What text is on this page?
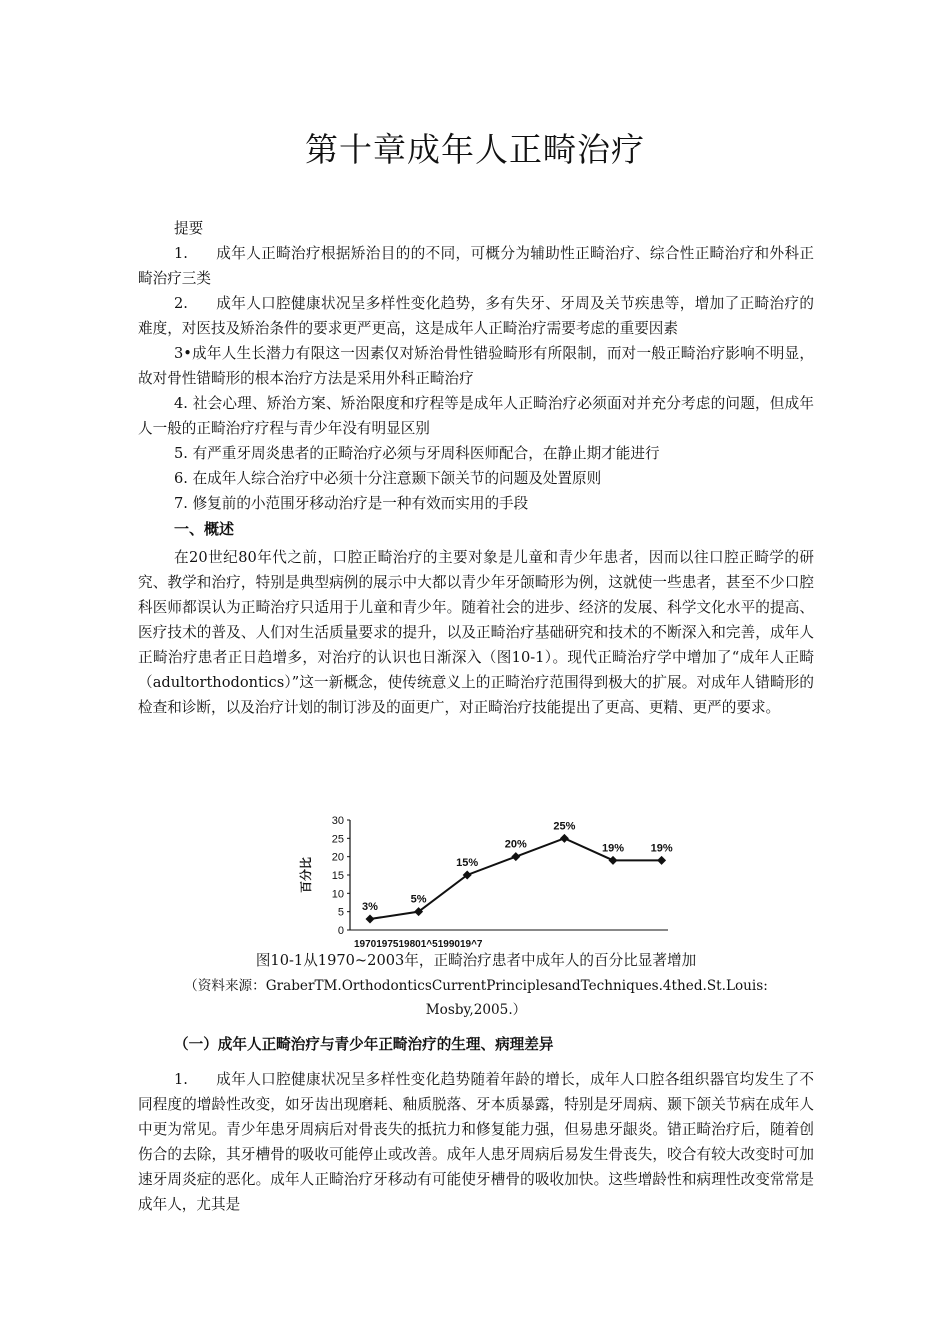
第十章成年人正畸治疗

提要

1. 成年人正畸治疗根据矫治目的的不同，可概分为辅助性正畸治疗、综合性正畸治疗和外科正畸治疗三类

2. 成年人口腔健康状况呈多样性变化趋势，多有失牙、牙周及关节疾患等，增加了正畸治疗的难度，对医技及矫治条件的要求更严更高，这是成年人正畸治疗需要考虑的重要因素

3•成年人生长潜力有限这一因素仅对矫治骨性错验畸形有所限制，而对一般正畸治疗影响不明显，故对骨性错畸形的根本治疗方法是采用外科正畸治疗

4. 社会心理、矫治方案、矫治限度和疗程等是成年人正畸治疗必须面对并充分考虑的问题，但成年人一般的正畸治疗疗程与青少年没有明显区别

5. 有严重牙周炎患者的正畸治疗必须与牙周科医师配合，在静止期才能进行

6. 在成年人综合治疗中必须十分注意颞下颌关节的问题及处置原则

7. 修复前的小范围牙移动治疗是一种有效而实用的手段

一、概述

在20世纪80年代之前，口腔正畸治疗的主要对象是儿童和青少年患者，因而以往口腔正畸学的研究、教学和治疗，特别是典型病例的展示中大都以青少年牙颌畸形为例，这就使一些患者，甚至不少口腔科医师都误认为正畸治疗只适用于儿童和青少年。随着社会的进步、经济的发展、科学文化水平的提高、医疗技术的普及、人们对生活质量要求的提升，以及正畸治疗基础研究和技术的不断深入和完善，成年人正畸治疗患者正日趋增多，对治疗的认识也日渐深入（图10-1）。现代正畸治疗学中增加了“成年人正畸（adultorthodontics）”这一新概念，使传统意义上的正畸治疗范围得到极大的扩展。对成年人错畸形的检查和诊断，以及治疗计划的制订涉及的面更广，对正畸治疗技能提出了更高、更精、更严的要求。

0
5
10
15
20
25
30
百分比
3%
5%
15%
20%
25%
19% 19%
1970197519801^5199019^7

图10-1从1970~2003年，正畸治疗患者中成年人的百分比显著增加

（资料来源：GraberTM.OrthodonticsCurrentPrinciplesandTechniques.4thed.St.Louis:

Mosby,2005.）

（一）成年人正畸治疗与青少年正畸治疗的生理、病理差异

1. 成年人口腔健康状况呈多样性变化趋势随着年龄的增长，成年人口腔各组织器官均发生了不同程度的增龄性改变，如牙齿出现磨耗、釉质脱落、牙本质暴露，特别是牙周病、颞下颌关节病在成年人中更为常见。青少年患牙周病后对骨丧失的抵抗力和修复能力强，但易患牙龈炎。错正畸治疗后，随着创伤合的去除，其牙槽骨的吸收可能停止或改善。成年人患牙周病后易发生骨丧失，咬合有较大改变时可加速牙周炎症的恶化。成年人正畸治疗牙移动有可能使牙槽骨的吸收加快。这些增龄性和病理性改变常常是成年人，尤其是
